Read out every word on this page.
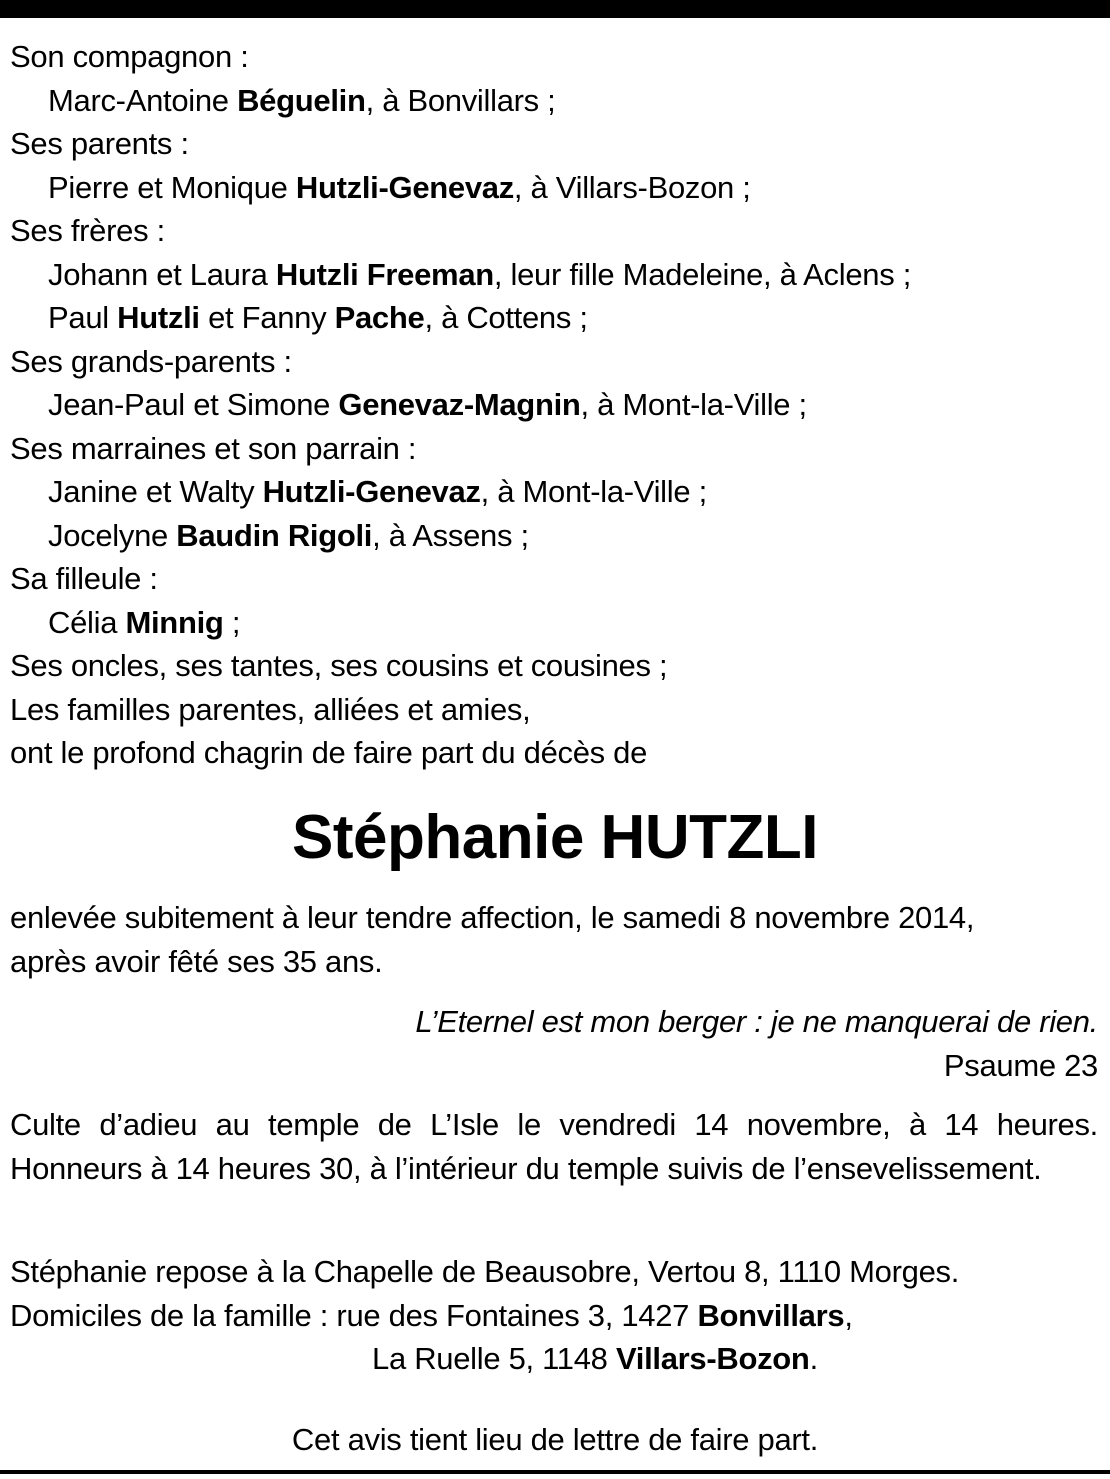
Son compagnon :
Marc-Antoine Béguelin, à Bonvillars ;
Ses parents :
Pierre et Monique Hutzli-Genevaz, à Villars-Bozon ;
Ses frères :
Johann et Laura Hutzli Freeman, leur fille Madeleine, à Aclens ;
Paul Hutzli et Fanny Pache, à Cottens ;
Ses grands-parents :
Jean-Paul et Simone Genevaz-Magnin, à Mont-la-Ville ;
Ses marraines et son parrain :
Janine et Walty Hutzli-Genevaz, à Mont-la-Ville ;
Jocelyne Baudin Rigoli, à Assens ;
Sa filleule :
Célia Minnig ;
Ses oncles, ses tantes, ses cousins et cousines ;
Les familles parentes, alliées et amies,
ont le profond chagrin de faire part du décès de
Stéphanie HUTZLI
enlevée subitement à leur tendre affection, le samedi 8 novembre 2014,
après avoir fêté ses 35 ans.
L’Eternel est mon berger : je ne manquerai de rien.
Psaume 23
Culte d’adieu au temple de L’Isle le vendredi 14 novembre, à 14 heures. Honneurs à 14 heures 30, à l’intérieur du temple suivis de l’ensevelissement.
Stéphanie repose à la Chapelle de Beausobre, Vertou 8, 1110 Morges.
Domiciles de la famille : rue des Fontaines 3, 1427 Bonvillars,
La Ruelle 5, 1148 Villars-Bozon.
Cet avis tient lieu de lettre de faire part.
